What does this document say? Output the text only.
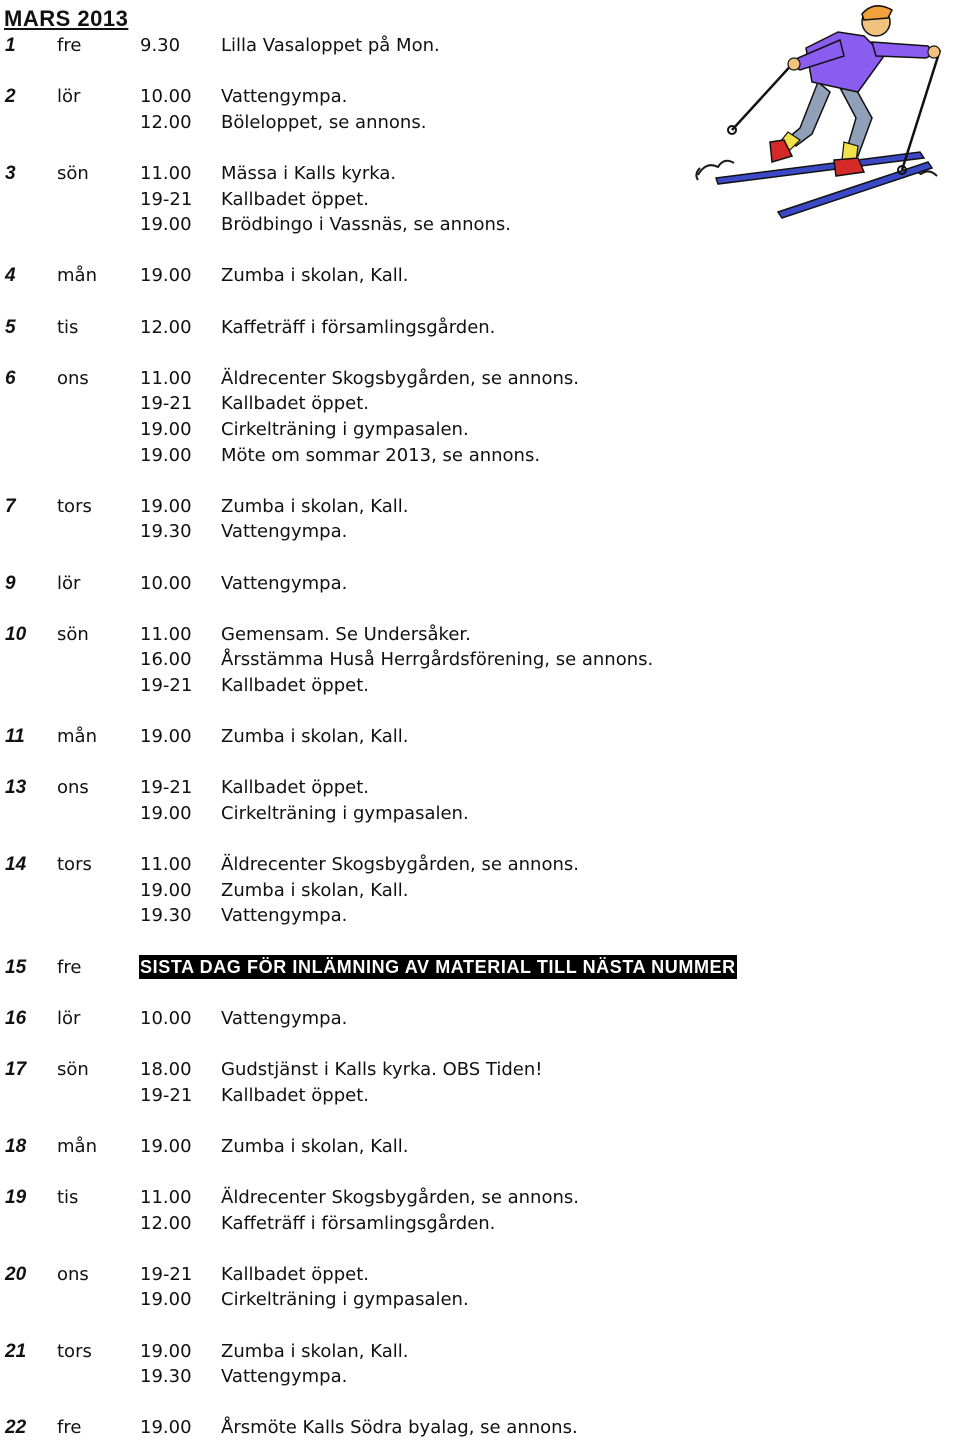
MARS 2013
1	fre	9.30 Lilla Vasaloppet på Mon.
2	lör	10.00 Vattengympa.
12.00 Böleloppet, se annons.
3	sön	11.00 Mässa i Kalls kyrka.
19-21 Kallbadet öppet.
19.00 Brödbingo i Vassnäs, se annons.
4	mån 19.00 Zumba i skolan, Kall.
5	tis	12.00 Kaffeträff i församlingsgården.
6	ons	11.00 Äldrecenter Skogsbygården, se annons.
19-21 Kallbadet öppet.
19.00 Cirkelträning i gympasalen.
19.00 Möte om sommar 2013, se annons.
7	tors	19.00 Zumba i skolan, Kall.
19.30 Vattengympa.
9	lör	10.00 Vattengympa.
10	sön	11.00 Gemensam. Se Undersåker.
16.00 Årsstämma Huså Herrgårdsförening, se annons.
19-21 Kallbadet öppet.
11	mån 19.00 Zumba i skolan, Kall.
13	ons	19-21 Kallbadet öppet.
19.00 Cirkelträning i gympasalen.
14	tors	11.00 Äldrecenter Skogsbygården, se annons.
19.00 Zumba i skolan, Kall.
19.30 Vattengympa.
15	fre	SISTA DAG FÖR INLÄMNING AV MATERIAL TILL NÄSTA NUMMER
16	lör	10.00 Vattengympa.
17	sön	18.00 Gudstjänst i Kalls kyrka. OBS Tiden!
19-21 Kallbadet öppet.
18	mån 19.00 Zumba i skolan, Kall.
19	tis	11.00 Äldrecenter Skogsbygården, se annons.
12.00 Kaffeträff i församlingsgården.
20	ons	19-21 Kallbadet öppet.
19.00 Cirkelträning i gympasalen.
21	tors	19.00 Zumba i skolan, Kall.
19.30 Vattengympa.
22	fre	19.00 Årsmöte Kalls Södra byalag, se annons.
